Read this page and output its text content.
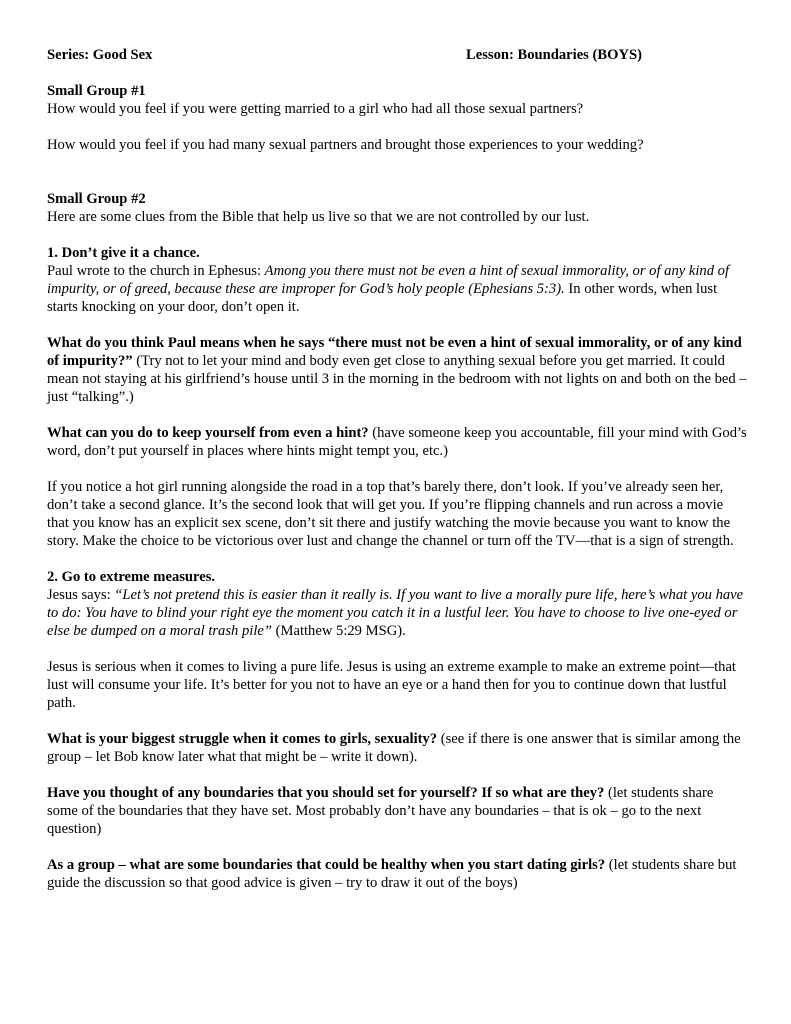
Series: Good Sex	Lesson: Boundaries (BOYS)

Small Group #1

How would you feel if you were getting married to a girl who had all those sexual partners?

How would you feel if you had many sexual partners and brought those experiences to your wedding?

Small Group #2

Here are some clues from the Bible that help us live so that we are not controlled by our lust.

1. Don’t give it a chance.

Paul wrote to the church in Ephesus: Among you there must not be even a hint of sexual immorality, or of any kind of impurity, or of greed, because these are improper for God’s holy people (Ephesians 5:3). In other words, when lust starts knocking on your door, don’t open it.

What do you think Paul means when he says “there must not be even a hint of sexual immorality, or of any kind of impurity?” (Try not to let your mind and body even get close to anything sexual before you get married. It could mean not staying at his girlfriend’s house until 3 in the morning in the bedroom with not lights on and both on the bed – just “talking”.)

What can you do to keep yourself from even a hint? (have someone keep you accountable, fill your mind with God’s word, don’t put yourself in places where hints might tempt you, etc.)

If you notice a hot girl running alongside the road in a top that’s barely there, don’t look. If you’ve already seen her, don’t take a second glance. It’s the second look that will get you. If you’re flipping channels and run across a movie that you know has an explicit sex scene, don’t sit there and justify watching the movie because you want to know the story. Make the choice to be victorious over lust and change the channel or turn off the TV—that is a sign of strength.

2. Go to extreme measures.

Jesus says: “Let’s not pretend this is easier than it really is. If you want to live a morally pure life, here’s what you have to do: You have to blind your right eye the moment you catch it in a lustful leer. You have to choose to live one-eyed or else be dumped on a moral trash pile” (Matthew 5:29 MSG).

Jesus is serious when it comes to living a pure life. Jesus is using an extreme example to make an extreme point—that lust will consume your life. It’s better for you not to have an eye or a hand then for you to continue down that lustful path.

What is your biggest struggle when it comes to girls, sexuality? (see if there is one answer that is similar among the group – let Bob know later what that might be – write it down).

Have you thought of any boundaries that you should set for yourself? If so what are they? (let students share some of the boundaries that they have set. Most probably don’t have any boundaries – that is ok – go to the next question)

As a group – what are some boundaries that could be healthy when you start dating girls? (let students share but guide the discussion so that good advice is given – try to draw it out of the boys)
